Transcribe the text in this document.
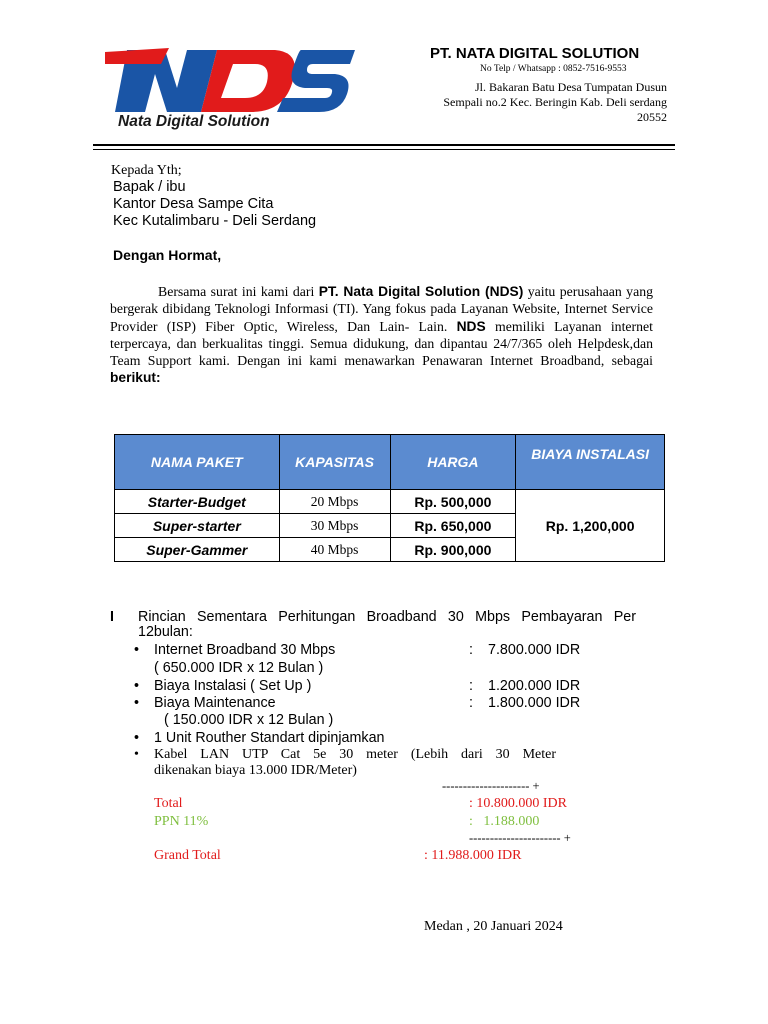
Nata Digital Solution
PT. NATA DIGITAL SOLUTION
No Telp / Whatsapp : 0852-7516-9553
Jl. Bakaran Batu Desa Tumpatan Dusun
Sempali no.2 Kec. Beringin Kab. Deli serdang
20552
Kepada Yth;
Bapak / ibu
Kantor Desa Sampe Cita
Kec Kutalimbaru - Deli Serdang
Dengan Hormat,
Bersama surat ini kami dari PT. Nata Digital Solution (NDS) yaitu perusahaan yang bergerak dibidang Teknologi Informasi (TI). Yang fokus pada Layanan Website, Internet Service Provider (ISP) Fiber Optic, Wireless, Dan Lain- Lain. NDS memiliki Layanan internet terpercaya, dan berkualitas tinggi. Semua didukung, dan dipantau 24/7/365 oleh Helpdesk,dan Team Support kami. Dengan ini kami menawarkan Penawaran Internet Broadband, sebagai berikut:
NAMA PAKET	KAPASITAS	HARGA	BIAYA INSTALASI
Starter-Budget	20 Mbps	Rp. 500,000	Rp. 1,200,000
Super-starter	30 Mbps	Rp. 650,000	
Super-Gammer	40 Mbps	Rp. 900,000	
I Rincian Sementara Perhitungan Broadband 30 Mbps Pembayaran Per
12bulan:
• Internet Broadband 30 Mbps	: 7.800.000 IDR
( 650.000 IDR x 12 Bulan )
• Biaya Instalasi ( Set Up )	: 1.200.000 IDR
• Biaya Maintenance	: 1.800.000 IDR
( 150.000 IDR x 12 Bulan )
• 1 Unit Routher Standart dipinjamkan
• Kabel LAN UTP Cat 5e 30 meter (Lebih dari 30 Meter
dikenakan biaya 13.000 IDR/Meter)
--------------------- +
Total	: 10.800.000 IDR
PPN 11%	:   1.188.000
---------------------- +
Grand Total	: 11.988.000 IDR
Medan , 20 Januari 2024
